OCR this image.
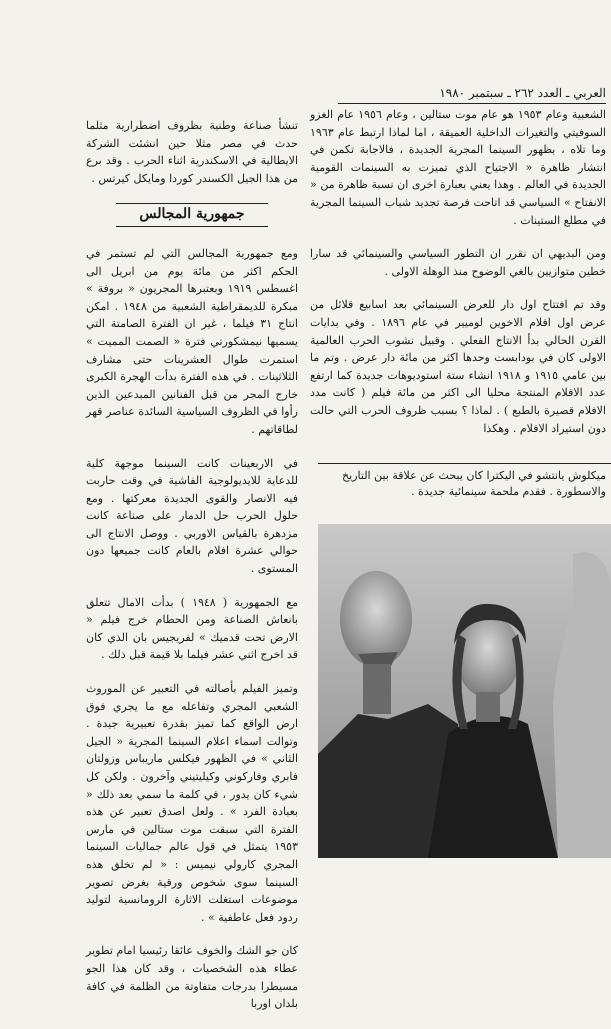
العربي ـ العدد ٢٦٢ ـ سبتمبر ١٩٨٠

الشعبية وعام ١٩٥٣ هو عام موت ستالين ، وعام ١٩٥٦ عام الغزو السوفيتي والتغيرات الداخلية العميقة ، اما لماذا ارتبط عام ١٩٦٣ وما تلاه ، بظهور السينما المجرية الجديدة ، فالاجابة تكمن في انتشار ظاهرة « الاجتياح الذي تميزت به السينمات القومية الجديدة في العالم . وهذا يعني بعبارة اخرى ان نسبة ظاهرة من « الانفتاح » السياسي قد اتاحت فرصة تجديد شباب السينما المجرية في مطلع الستينات .

ومن البديهي ان نقرر ان التطور السياسي والسينمائي قد سارا خطين متوازيين بالغي الوضوح منذ الوهلة الاولى .

وقد تم افتتاح اول دار للعرض السينمائي بعد اسابيع قلائل من عرض اول افلام الاخوين لوميير في عام ١٨٩٦ . وفي بدايات القرن الحالي بدأ الانتاج الفعلي . وقبيل نشوب الحرب العالمية الاولى كان في بودابست وحدها اكثر من مائة دار عرض . وتم ما بين عامي ١٩١٥ و ١٩١٨ انشاء ستة استوديوهات جديدة كما ارتفع عدد الافلام المنتجة محليا الى اكثر من مائة فيلم ( كانت مدد الافلام قصيرة بالطبع ) . لماذا ؟ بسبب ظروف الحرب التي حالت دون استيراد الافلام . وهكذا

تنشأ صناعة وطنية بظروف اضطرارية مثلما حدث في مصر مثلا حين انشئت الشركة الايطالية في الاسكندرية اثناء الحرب . وقد برع من هذا الجيل الكسندر كوردا ومايكل كيرتس .

جمهورية المجالس

ومع جمهورية المجالس التي لم تستمر في الحكم اكثر من مائة يوم من ابريل الى اغسطس ١٩١٩ وبعتبرها المجريون « بروفة » مبكرة للديمقراطية الشعبية من ١٩٤٨ . امكن انتاج ٣١ فيلما ، غير ان الفترة الصامتة التي يسميها نيمشكورتي فترة « الصمت المميت » استمرت طوال العشرينات حتى مشارف الثلاثينات . في هذه الفترة بدأت الهجرة الكبرى خارج المجر من قبل الفنانين المبدعين الذين رأوا في الظروف السياسية السائدة عناصر قهر لطاقاتهم .

في الاربعينات كانت السينما موجهة كلية للدعاية للايديولوجية الفاشية في وقت حاربت فيه الانصار والقوى الجديدة معركتها . ومع حلول الحرب حل الدمار على صناعة كانت مزدهرة بالقياس الاوربي . ووصل الانتاج الى حوالي عشرة افلام بالعام كانت جميعها دون المستوى .

مع الجمهورية ( ١٩٤٨ ) بدأت الامال تتعلق بانعاش الصناعة ومن الحطام خرج فيلم « الارض تحت قدميك » لفريجيس بان الذي كان قد اخرج اثني عشر فيلما بلا قيمة قبل ذلك .

وتميز الفيلم بأصالته في التعبير عن الموروث الشعبي المجري وتفاعله مع ما يجري فوق ارض الواقع كما تميز بقدرة تعبيرية جيدة . وتوالت اسماء اعلام السينما المجرية « الجيل الثاني » في الظهور فيكلس ماريباس وزولتان فابري وفاركوني وكيليتيني وآخرون . ولكن كل شيء كان يدور ، في كلمة ما سمي بعد ذلك « بعبادة الفرد » . ولعل اصدق تعبير عن هذه الفترة التي سبقت موت ستالين في مارس ١٩٥٣ يتمثل في قول عالم جماليات السينما المجري كارولي نيميس : « لم تخلق هذه السينما سوى شخوص ورقية بغرض تصوير موضوعات استغلت الاثارة الرومانسية لتوليد ردود فعل عاطفية » .

كان جو الشك والخوف عائقا رئيسيا امام تطوير عطاء هذه الشخصيات ، وقد كان هذا الجو مسيطرا بدرجات متفاوتة من الظلمة في كافة بلدان اوربا

ميكلوش يانتشو في اليكترا كان يبحث عن علاقة بين التاريخ والاسطورة . فقدم ملحمة سينمائية جديدة .
